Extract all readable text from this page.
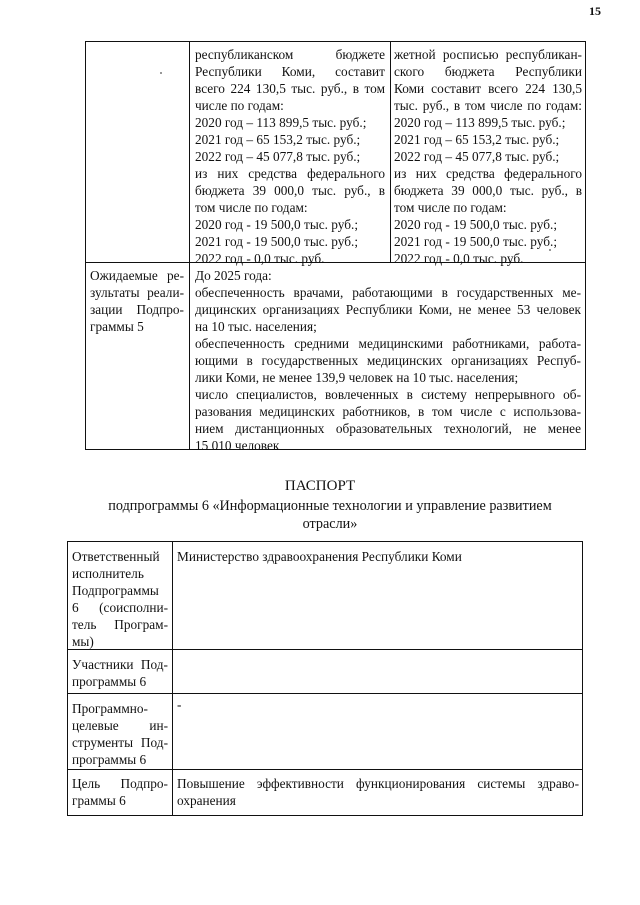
15
республиканском бюджете
Республики Коми, составит
всего 224 130,5 тыс. руб., в том
числе по годам:
2020 год – 113 899,5 тыс. руб.;
2021 год – 65 153,2 тыс. руб.;
2022 год – 45 077,8 тыс. руб.;
из них средства федерального
бюджета 39 000,0 тыс. руб., в
том числе по годам:
2020 год - 19 500,0 тыс. руб.;
2021 год - 19 500,0 тыс. руб.;
2022 год - 0,0 тыс. руб.
жетной росписью республикан-
ского бюджета Республики
Коми составит всего 224 130,5
тыс. руб., в том числе по годам:
2020 год – 113 899,5 тыс. руб.;
2021 год – 65 153,2 тыс. руб.;
2022 год – 45 077,8 тыс. руб.;
из них средства федерального
бюджета 39 000,0 тыс. руб., в
том числе по годам:
2020 год - 19 500,0 тыс. руб.;
2021 год - 19 500,0 тыс. руб.;
2022 год - 0,0 тыс. руб.
Ожидаемые ре-
зультаты реали-
зации Подпро-
граммы 5
До 2025 года:
обеспеченность врачами, работающими в государственных ме-
дицинских организациях Республики Коми, не менее 53 человек
на 10 тыс. населения;
обеспеченность средними медицинскими работниками, работа-
ющими в государственных медицинских организациях Респуб-
лики Коми, не менее 139,9 человек на 10 тыс. населения;
число специалистов, вовлеченных в систему непрерывного об-
разования медицинских работников, в том числе с использова-
нием дистанционных образовательных технологий, не менее
15 010 человек
ПАСПОРТ
подпрограммы 6 «Информационные технологии и управление развитием
отрасли»
Ответственный
исполнитель
Подпрограммы
6 (соисполни-
тель Програм-
мы)
Министерство здравоохранения Республики Коми
Участники Под-
программы 6
Программно-
целевые ин-
струменты Под-
программы 6
-
Цель Подпро-
граммы 6
Повышение эффективности функционирования системы здраво-
охранения
